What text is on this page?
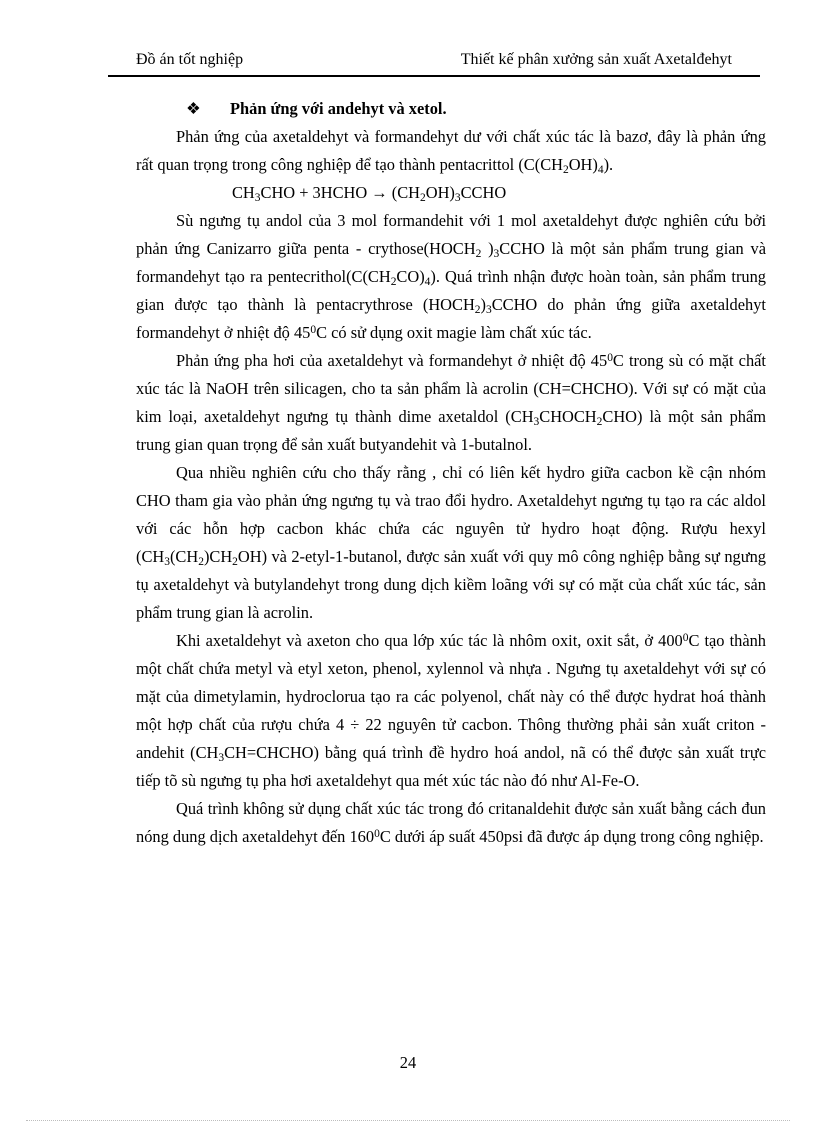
Đồ án tốt nghiệp	Thiết kế phân xưởng sản xuất Axetalđehyt

❖ Phản ứng với andehyt và xetol.

Phản ứng của axetaldehyt và formandehyt dư với chất xúc tác là bazơ, đây là phản ứng rất quan trọng trong công nghiệp để tạo thành pentacrittol $(C(CH_2OH)_4)$.

$CH_3CHO$ + 3HCHO → $(CH_2OH)_3CCHO$

Sù ngưng tụ andol của 3 mol formandehit với 1 mol axetaldehyt được nghiên cứu bởi phản ứng Canizarro giữa penta - $crythose(HOCH_2$ )$_3CCHO$ là một sản phẩm trung gian và formandehyt tạo ra $pentecrithol(C(CH_2CO)_4)$. Quá trình nhận được hoàn toàn, sản phẩm trung gian được tạo thành là pentacrythrose $(HOCH_2)_3CCHO$ do phản ứng giữa axetaldehyt formandehyt ở nhiệt độ $45^0C$ có sử dụng oxit magie làm chất xúc tác.

Phản ứng pha hơi của axetaldehyt và formandehyt ở nhiệt độ $45^0C$ trong sù có mặt chất xúc tác là NaOH trên silicagen, cho ta sản phẩm là acrolin (CH=CHCHO). Với sự có mặt của kim loại, axetaldehyt ngưng tụ thành dime axetaldol $(CH_3CHOCH_2CHO)$ là một sản phẩm trung gian quan trọng để sản xuất butyandehit và 1-butalnol.

Qua nhiều nghiên cứu cho thấy rằng , chỉ có liên kết hydro giữa cacbon kề cận nhóm CHO tham gia vào phản ứng ngưng tụ và trao đổi hydro. Axetaldehyt ngưng tụ tạo ra các aldol với các hỗn hợp cacbon khác chứa các nguyên tử hydro hoạt động. Rượu hexyl $(CH_3(CH_2)CH_2OH)$ và 2-etyl-1-butanol, được sản xuất với quy mô công nghiệp bằng sự ngưng tụ axetaldehyt và butylandehyt trong dung dịch kiềm loãng với sự có mặt của chất xúc tác, sản phẩm trung gian là acrolin.

Khi axetaldehyt và axeton cho qua lớp xúc tác là nhôm oxit, oxit sắt, ở $400^0C$ tạo thành một chất chứa metyl và etyl xeton, phenol, xylennol và nhựa . Ngưng tụ axetaldehyt với sự có mặt của dimetylamin, hydroclorua tạo ra các polyenol, chất này có thể được hydrat hoá thành một hợp chất của rượu chứa 4 ÷ 22 nguyên tử cacbon. Thông thường phải sản xuất criton - andehit $(CH_3CH=CHCHO)$ bằng quá trình đề hydro hoá andol, nã có thể được sản xuất trực tiếp tõ sù ngưng tụ pha hơi axetaldehyt qua mét xúc tác nào đó như Al-Fe-O.

Quá trình không sử dụng chất xúc tác trong đó critanaldehit được sản xuất bằng cách đun nóng dung dịch axetaldehyt đến $160^0C$ dưới áp suất 450psi đã được áp dụng trong công nghiệp.

24
